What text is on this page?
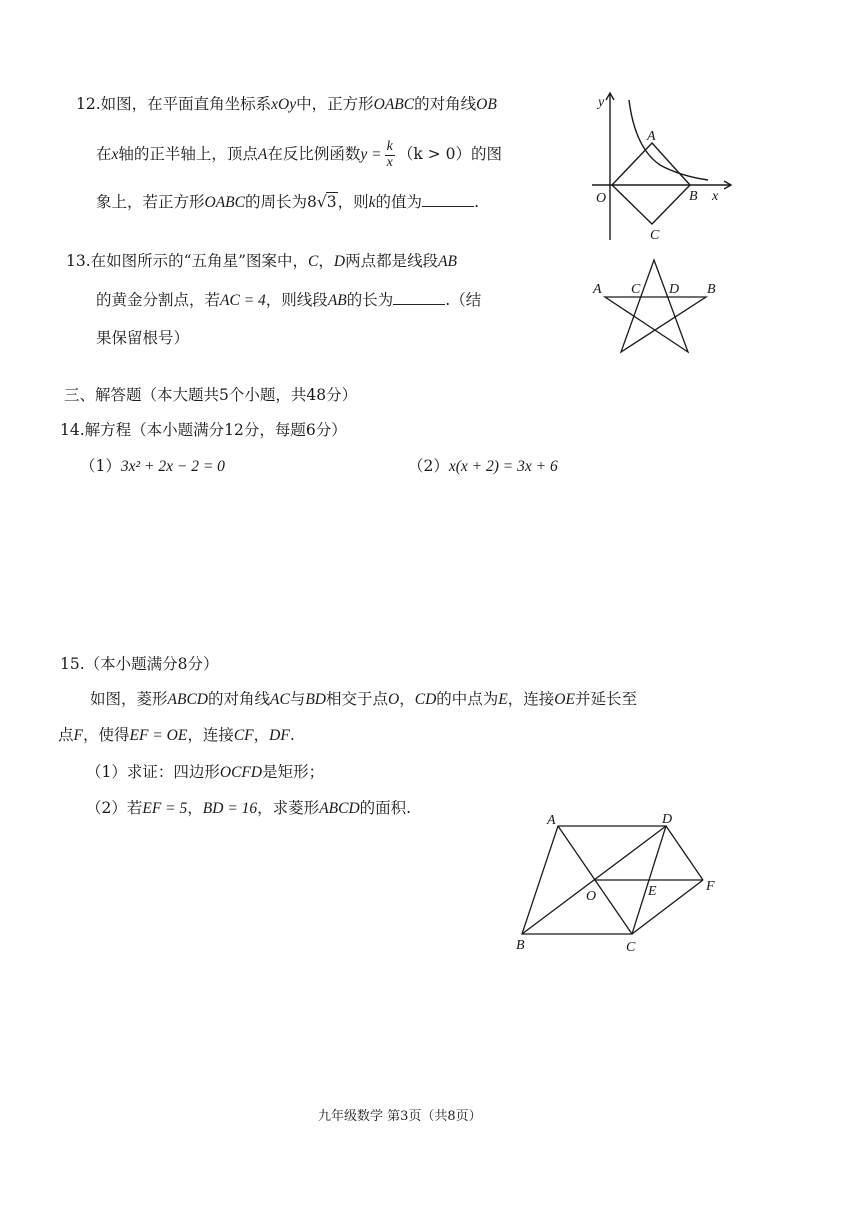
12.如图，在平面直角坐标系xOy中，正方形OABC的对角线OB
在x轴的正半轴上，顶点A在反比例函数$y = \frac{k}{x} (k > 0)$的图
象上，若正方形OABC的周长为8√3，则k的值为	.
y
x
A
O	B
C
13.在如图所示的“五角星”图案中，C，D两点都是线段AB
的黄金分割点，若AC = 4，则线段AB的长为	.（结
果保留根号）
A C D B
三、解答题（本大题共5个小题，共48分）
14.解方程（本小题满分12分，每题6分）
（1）3x² + 2x − 2 = 0	（2）x(x + 2) = 3x + 6
15.（本小题满分8分）
如图，菱形ABCD的对角线AC与BD相交于点O，CD的中点为E，连接OE并延长至
点F，使得EF = OE，连接CF，DF.
（1）求证：四边形OCFD是矩形；
（2）若EF = 5，BD = 16，求菱形ABCD的面积.
A	D
O	E	F
B	C
九年级数学 第3页（共8页）
